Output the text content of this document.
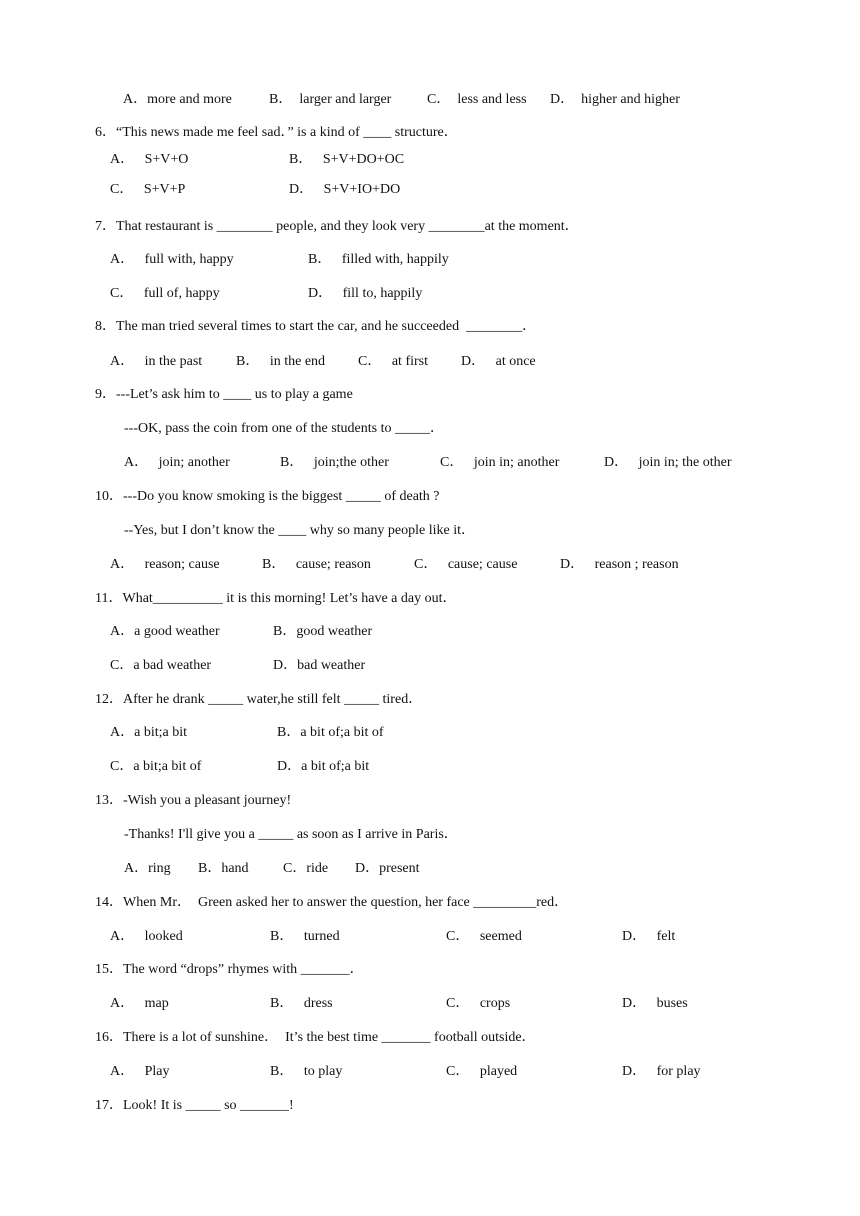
A．more and more	B．  larger and larger	C．  less and less D．  higher and higher
6．“This news made me feel sad．” is a kind of ____ structure．
A．   S+V+O	B．   S+V+DO+OC
C．   S+V+P	D．   S+V+IO+DO
7．That restaurant is ________ people, and they look very ________at the moment．
A．   full with, happy	B．   filled with, happily
C．   full of, happy	D．   fill to, happily
8．The man tried several times to start the car, and he succeeded  ________．
A．   in the past B．   in the end C．   at first D．   at once
9．---Let’s ask him to ____ us to play a game
---OK, pass the coin from one of the students to _____．
A．   join; another	B．   join;the other	C．   join in; another	D．   join in; the other
10．---Do you know smoking is the biggest _____ of death ?
--Yes, but I don’t know the ____ why so many people like it．
A．   reason; cause	B．   cause; reason	C．   cause; cause	D．   reason ; reason
11．What__________ it is this morning! Let’s have a day out．
A．a good weather	B．good weather
C．a bad weather	D．bad weather
12．After he drank _____ water,he still felt _____ tired．
A．a bit;a bit	B．a bit of;a bit of
C．a bit;a bit of	D．a bit of;a bit
13．-Wish you a pleasant journey!
-Thanks! I'll give you a _____ as soon as I arrive in Paris．
A．ring B．hand C．ride D．present
14．When Mr．  Green asked her to answer the question, her face _________red．
A．   looked	B．   turned	C．   seemed	D．   felt
15．The word “drops” rhymes with _______．
A．   map	B．   dress	C．   crops	D．   buses
16．There is a lot of sunshine．  It’s the best time _______ football outside．
A．   Play	B．   to play	C．   played	D．   for play
17．Look! It is _____ so _______!
